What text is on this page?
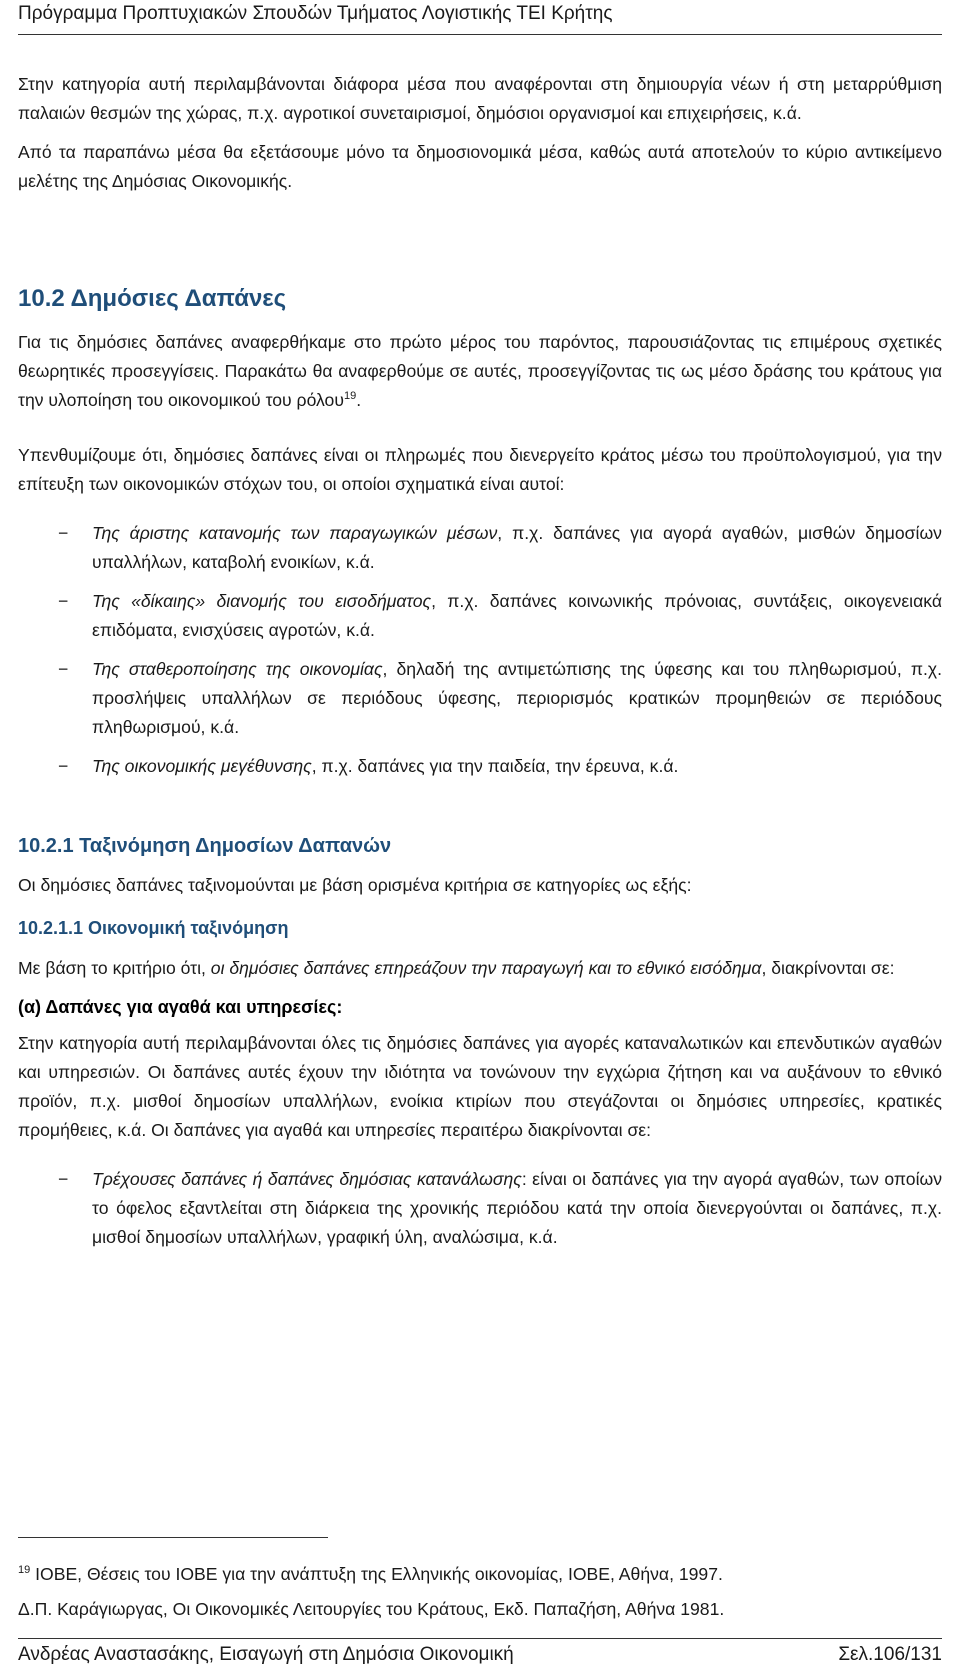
Πρόγραμμα Προπτυχιακών Σπουδών Τμήματος Λογιστικής ΤΕΙ Κρήτης

Στην κατηγορία αυτή περιλαμβάνονται διάφορα μέσα που αναφέρονται στη δημιουργία νέων ή στη μεταρρύθμιση παλαιών θεσμών της χώρας, π.χ. αγροτικοί συνεταιρισμοί, δημόσιοι οργανισμοί και επιχειρήσεις, κ.ά.

Από τα παραπάνω μέσα θα εξετάσουμε μόνο τα δημοσιονομικά μέσα, καθώς αυτά αποτελούν το κύριο αντικείμενο μελέτης της Δημόσιας Οικονομικής.

10.2 Δημόσιες Δαπάνες

Για τις δημόσιες δαπάνες αναφερθήκαμε στο πρώτο μέρος του παρόντος, παρουσιάζοντας τις επιμέρους σχετικές θεωρητικές προσεγγίσεις. Παρακάτω θα αναφερθούμε σε αυτές, προσεγγίζοντας τις ως μέσο δράσης του κράτους για την υλοποίηση του οικονομικού του ρόλου$^{19}$.

Υπενθυμίζουμε ότι, δημόσιες δαπάνες είναι οι πληρωμές που διενεργείτο κράτος μέσω του προϋπολογισμού, για την επίτευξη των οικονομικών στόχων του, οι οποίοι σχηματικά είναι αυτοί:

− Της άριστης κατανομής των παραγωγικών μέσων, π.χ. δαπάνες για αγορά αγαθών, μισθών δημοσίων υπαλλήλων, καταβολή ενοικίων, κ.ά.
− Της «δίκαιης» διανομής του εισοδήματος, π.χ. δαπάνες κοινωνικής πρόνοιας, συντάξεις, οικογενειακά επιδόματα, ενισχύσεις αγροτών, κ.ά.
− Της σταθεροποίησης της οικονομίας, δηλαδή της αντιμετώπισης της ύφεσης και του πληθωρισμού, π.χ. προσλήψεις υπαλλήλων σε περιόδους ύφεσης, περιορισμός κρατικών προμηθειών σε περιόδους πληθωρισμού, κ.ά.
− Της οικονομικής μεγέθυνσης, π.χ. δαπάνες για την παιδεία, την έρευνα, κ.ά.
10.2.1 Ταξινόμηση Δημοσίων Δαπανών

Οι δημόσιες δαπάνες ταξινομούνται με βάση ορισμένα κριτήρια σε κατηγορίες ως εξής:

10.2.1.1 Οικονομική ταξινόμηση

Με βάση το κριτήριο ότι, οι δημόσιες δαπάνες επηρεάζουν την παραγωγή και το εθνικό εισόδημα, διακρίνονται σε:

(α) Δαπάνες για αγαθά και υπηρεσίες:

Στην κατηγορία αυτή περιλαμβάνονται όλες τις δημόσιες δαπάνες για αγορές καταναλωτικών και επενδυτικών αγαθών και υπηρεσιών. Οι δαπάνες αυτές έχουν την ιδιότητα να τονώνουν την εγχώρια ζήτηση και να αυξάνουν το εθνικό προϊόν, π.χ. μισθοί δημοσίων υπαλλήλων, ενοίκια κτιρίων που στεγάζονται οι δημόσιες υπηρεσίες, κρατικές προμήθειες, κ.ά. Οι δαπάνες για αγαθά και υπηρεσίες περαιτέρω διακρίνονται σε:

− Τρέχουσες δαπάνες ή δαπάνες δημόσιας κατανάλωσης: είναι οι δαπάνες για την αγορά αγαθών, των οποίων το όφελος εξαντλείται στη διάρκεια της χρονικής περιόδου κατά την οποία διενεργούνται οι δαπάνες, π.χ. μισθοί δημοσίων υπαλλήλων, γραφική ύλη, αναλώσιμα, κ.ά.

$^{19}$ ΙΟΒΕ, Θέσεις του ΙΟΒΕ για την ανάπτυξη της Ελληνικής οικονομίας, ΙΟΒΕ, Αθήνα, 1997.

Δ.Π. Καράγιωργας, Οι Οικονομικές Λειτουργίες του Κράτους, Εκδ. Παπαζήση, Αθήνα 1981.

Ανδρέας Αναστασάκης, Εισαγωγή στη Δημόσια Οικονομική	Σελ.106/131
